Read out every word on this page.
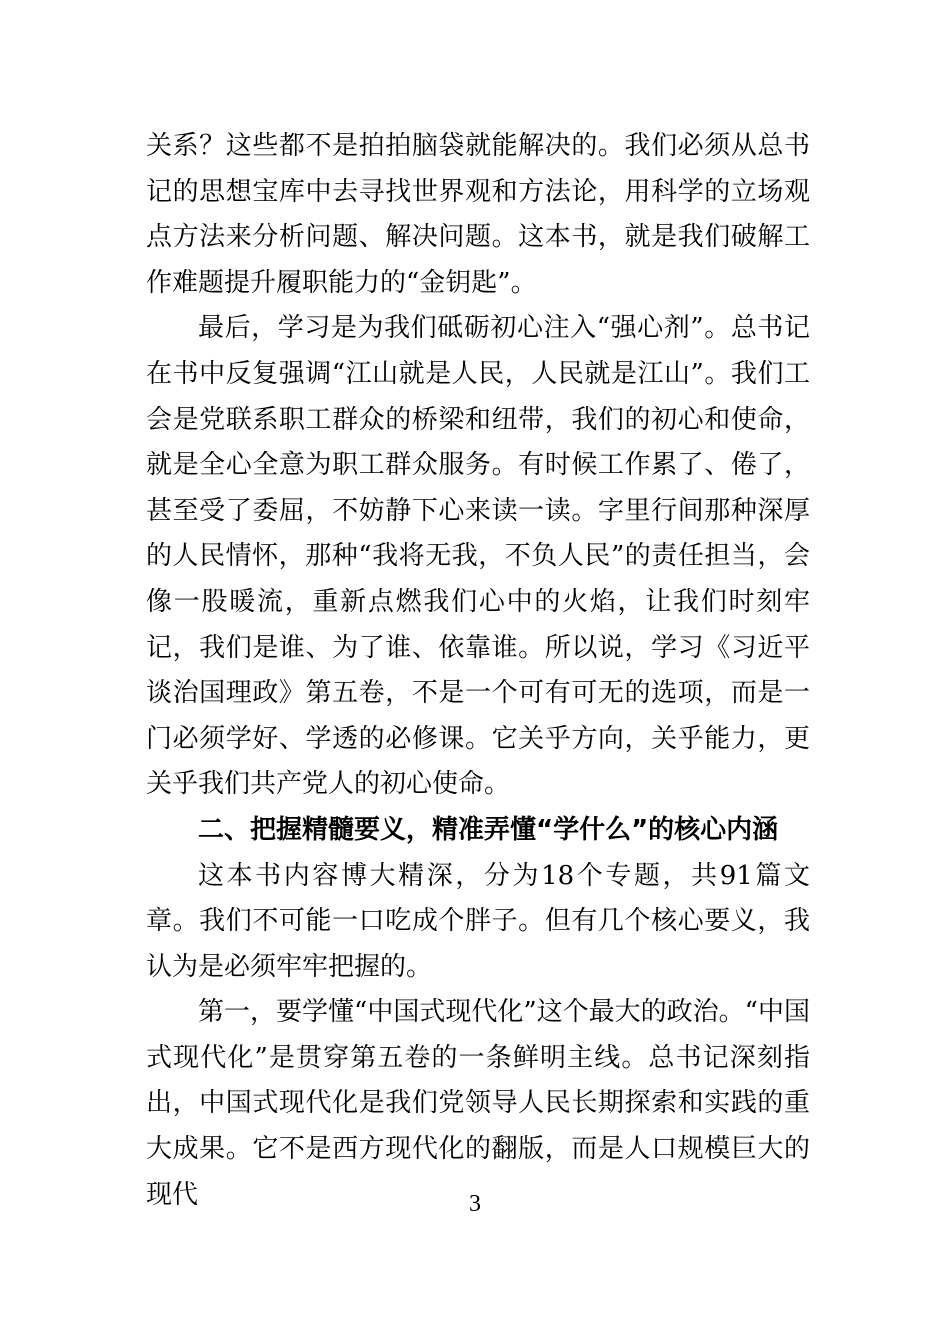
关系？这些都不是拍拍脑袋就能解决的。我们必须从总书记的思想宝库中去寻找世界观和方法论，用科学的立场观点方法来分析问题、解决问题。这本书，就是我们破解工作难题提升履职能力的“金钥匙”。

最后，学习是为我们砥砺初心注入“强心剂”。总书记在书中反复强调“江山就是人民，人民就是江山”。我们工会是党联系职工群众的桥梁和纽带，我们的初心和使命，就是全心全意为职工群众服务。有时候工作累了、倦了，甚至受了委屈，不妨静下心来读一读。字里行间那种深厚的人民情怀，那种“我将无我，不负人民”的责任担当，会像一股暖流，重新点燃我们心中的火焰，让我们时刻牢记，我们是谁、为了谁、依靠谁。所以说，学习《习近平谈治国理政》第五卷，不是一个可有可无的选项，而是一门必须学好、学透的必修课。它关乎方向，关乎能力，更关乎我们共产党人的初心使命。

二、把握精髓要义，精准弄懂“学什么”的核心内涵

这本书内容博大精深，分为18个专题，共91篇文章。我们不可能一口吃成个胖子。但有几个核心要义，我认为是必须牢牢把握的。

第一，要学懂“中国式现代化”这个最大的政治。“中国式现代化”是贯穿第五卷的一条鲜明主线。总书记深刻指出，中国式现代化是我们党领导人民长期探索和实践的重大成果。它不是西方现代化的翻版，而是人口规模巨大的现代	3
